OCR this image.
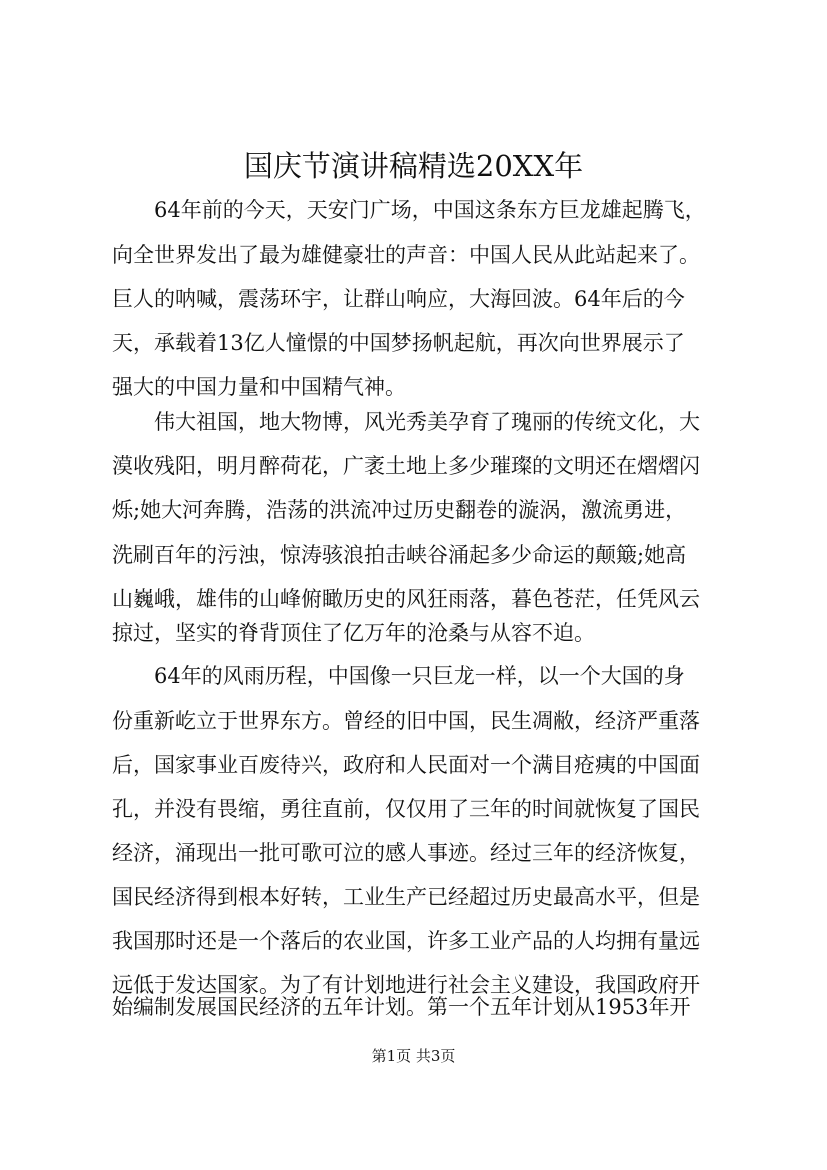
国庆节演讲稿精选20XX年
64年前的今天，天安门广场，中国这条东方巨龙雄起腾飞，
向全世界发出了最为雄健豪壮的声音：中国人民从此站起来了。
巨人的呐喊，震荡环宇，让群山响应，大海回波。64年后的今
天，承载着13亿人憧憬的中国梦扬帆起航，再次向世界展示了
强大的中国力量和中国精气神。
伟大祖国，地大物博，风光秀美孕育了瑰丽的传统文化，大
漠收残阳，明月醉荷花，广袤土地上多少璀璨的文明还在熠熠闪
烁;她大河奔腾，浩荡的洪流冲过历史翻卷的漩涡，激流勇进，
洗刷百年的污浊，惊涛骇浪拍击峡谷涌起多少命运的颠簸;她高
山巍峨，雄伟的山峰俯瞰历史的风狂雨落，暮色苍茫，任凭风云
掠过，坚实的脊背顶住了亿万年的沧桑与从容不迫。
64年的风雨历程，中国像一只巨龙一样，以一个大国的身
份重新屹立于世界东方。曾经的旧中国，民生凋敝，经济严重落
后，国家事业百废待兴，政府和人民面对一个满目疮痍的中国面
孔，并没有畏缩，勇往直前，仅仅用了三年的时间就恢复了国民
经济，涌现出一批可歌可泣的感人事迹。经过三年的经济恢复，
国民经济得到根本好转，工业生产已经超过历史最高水平，但是
我国那时还是一个落后的农业国，许多工业产品的人均拥有量远
远低于发达国家。为了有计划地进行社会主义建设，我国政府开
始编制发展国民经济的五年计划。第一个五年计划从1953年开
第1页 共3页
